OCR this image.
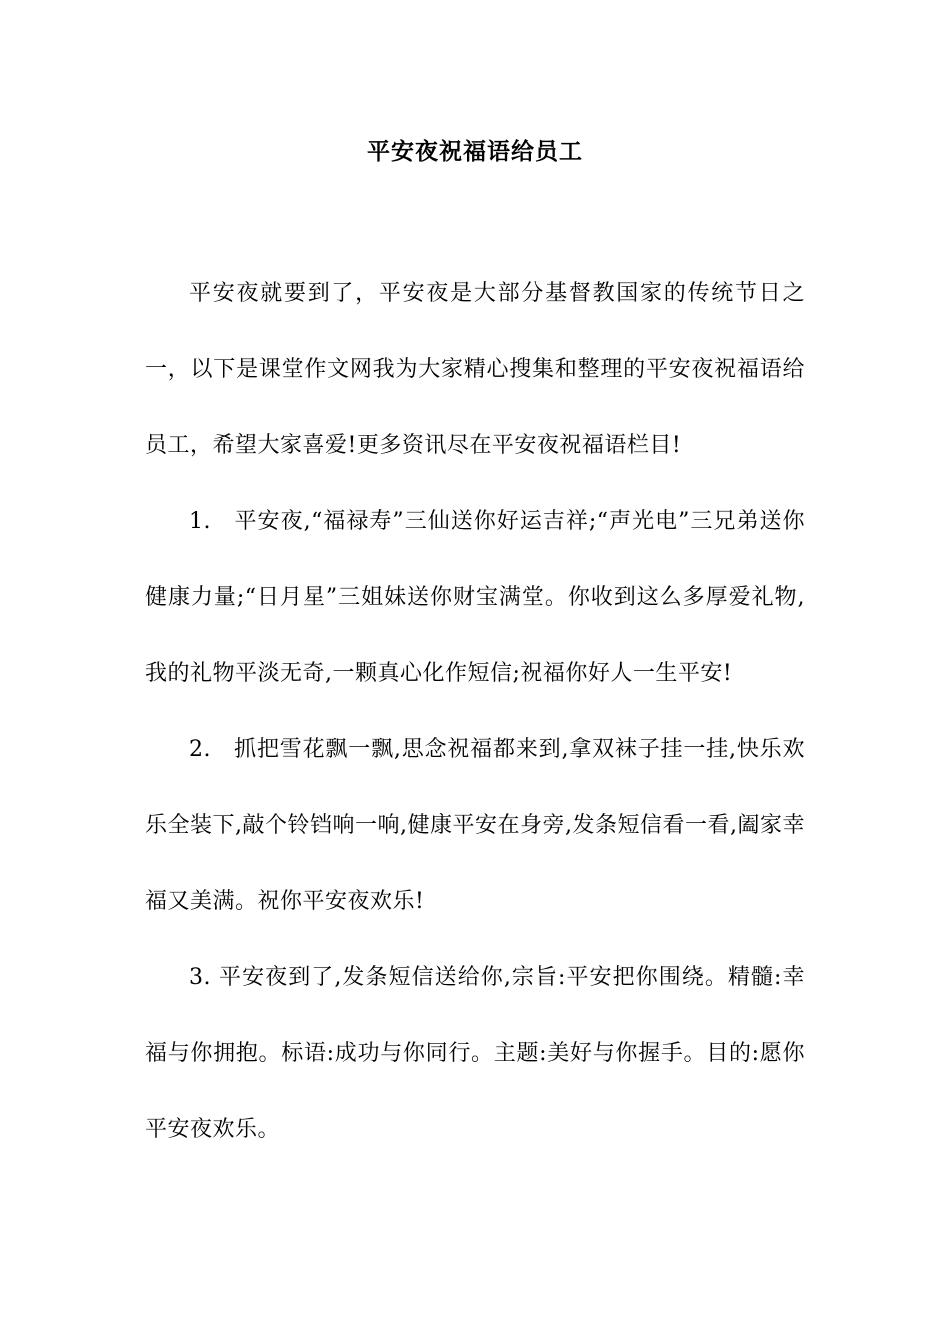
平安夜祝福语给员工

平安夜就要到了，平安夜是大部分基督教国家的传统节日之一，以下是课堂作文网我为大家精心搜集和整理的平安夜祝福语给员工，希望大家喜爱!更多资讯尽在平安夜祝福语栏目!

1.　平安夜,“福禄寿”三仙送你好运吉祥;“声光电”三兄弟送你健康力量;“日月星”三姐妹送你财宝满堂。你收到这么多厚爱礼物,我的礼物平淡无奇,一颗真心化作短信;祝福你好人一生平安!

2.　抓把雪花飘一飘,思念祝福都来到,拿双袜子挂一挂,快乐欢乐全装下,敲个铃铛响一响,健康平安在身旁,发条短信看一看,阖家幸福又美满。祝你平安夜欢乐!

3. 平安夜到了,发条短信送给你,宗旨:平安把你围绕。精髓:幸福与你拥抱。标语:成功与你同行。主题:美好与你握手。目的:愿你平安夜欢乐。
